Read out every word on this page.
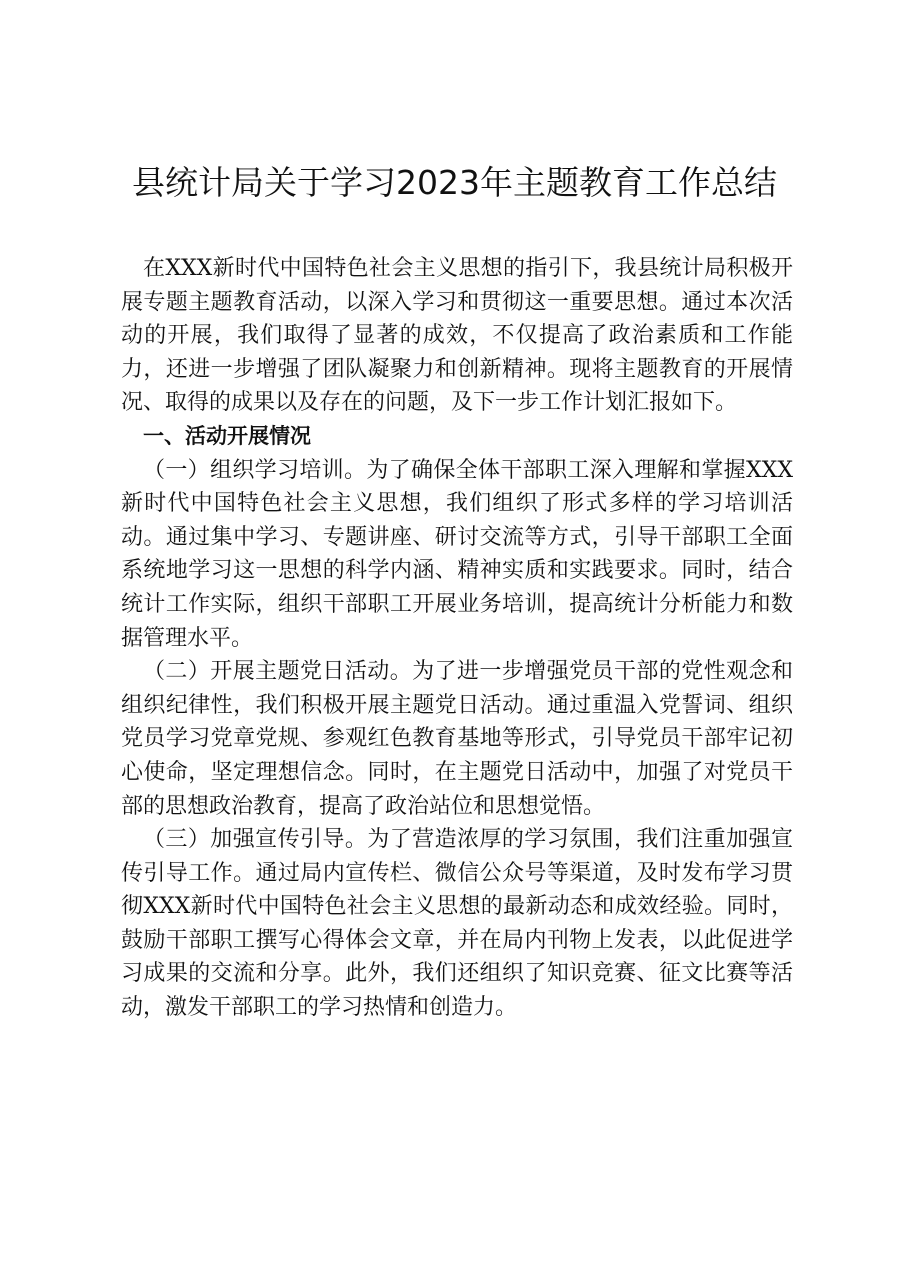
县统计局关于学习2023年主题教育工作总结

在XXX新时代中国特色社会主义思想的指引下，我县统计局积极开展专题主题教育活动，以深入学习和贯彻这一重要思想。通过本次活动的开展，我们取得了显著的成效，不仅提高了政治素质和工作能力，还进一步增强了团队凝聚力和创新精神。现将主题教育的开展情况、取得的成果以及存在的问题，及下一步工作计划汇报如下。

一、活动开展情况

（一）组织学习培训。为了确保全体干部职工深入理解和掌握XXX新时代中国特色社会主义思想，我们组织了形式多样的学习培训活动。通过集中学习、专题讲座、研讨交流等方式，引导干部职工全面系统地学习这一思想的科学内涵、精神实质和实践要求。同时，结合统计工作实际，组织干部职工开展业务培训，提高统计分析能力和数据管理水平。

（二）开展主题党日活动。为了进一步增强党员干部的党性观念和组织纪律性，我们积极开展主题党日活动。通过重温入党誓词、组织党员学习党章党规、参观红色教育基地等形式，引导党员干部牢记初心使命，坚定理想信念。同时，在主题党日活动中，加强了对党员干部的思想政治教育，提高了政治站位和思想觉悟。

（三）加强宣传引导。为了营造浓厚的学习氛围，我们注重加强宣传引导工作。通过局内宣传栏、微信公众号等渠道，及时发布学习贯彻XXX新时代中国特色社会主义思想的最新动态和成效经验。同时，鼓励干部职工撰写心得体会文章，并在局内刊物上发表，以此促进学习成果的交流和分享。此外，我们还组织了知识竞赛、征文比赛等活动，激发干部职工的学习热情和创造力。
